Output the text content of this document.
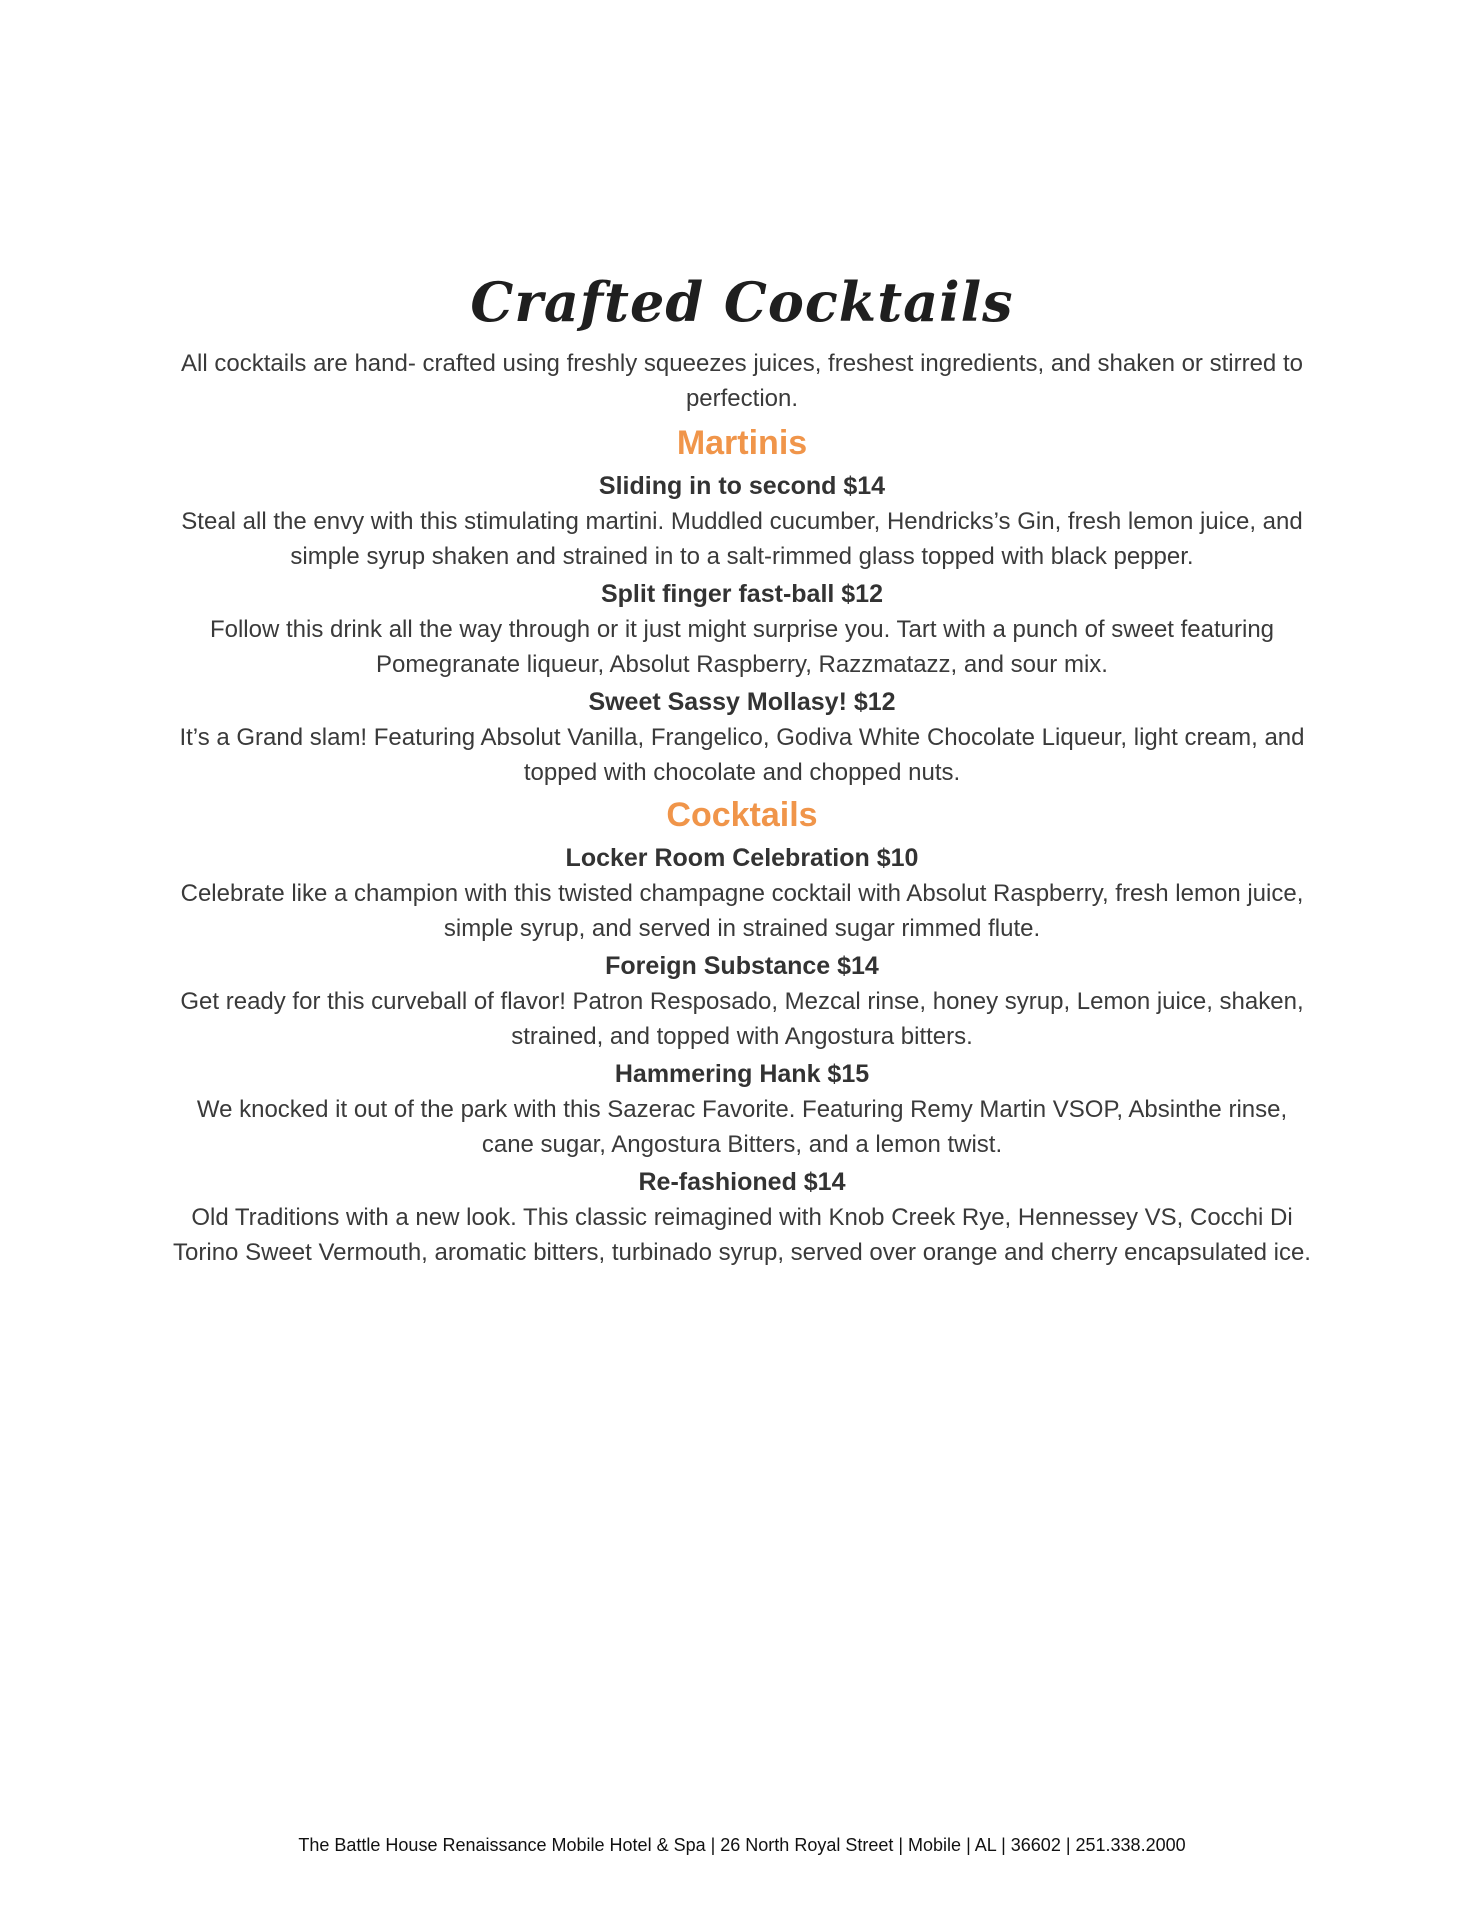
Crafted Cocktails

All cocktails are hand- crafted using freshly squeezes juices, freshest ingredients, and shaken or stirred to perfection.

Martinis

Sliding in to second $14

Steal all the envy with this stimulating martini. Muddled cucumber, Hendricks’s Gin, fresh lemon juice, and simple syrup shaken and strained in to a salt-rimmed glass topped with black pepper.

Split finger fast-ball $12

Follow this drink all the way through or it just might surprise you. Tart with a punch of sweet featuring Pomegranate liqueur, Absolut Raspberry, Razzmatazz, and sour mix.

Sweet Sassy Mollasy! $12

It’s a Grand slam! Featuring Absolut Vanilla, Frangelico, Godiva White Chocolate Liqueur, light cream, and topped with chocolate and chopped nuts.

Cocktails

Locker Room Celebration $10

Celebrate like a champion with this twisted champagne cocktail with Absolut Raspberry, fresh lemon juice, simple syrup, and served in strained sugar rimmed flute.

Foreign Substance $14

Get ready for this curveball of flavor! Patron Resposado, Mezcal rinse, honey syrup, Lemon juice, shaken, strained, and topped with Angostura bitters.

Hammering Hank $15

We knocked it out of the park with this Sazerac Favorite. Featuring Remy Martin VSOP, Absinthe rinse, cane sugar, Angostura Bitters, and a lemon twist.

Re-fashioned $14

Old Traditions with a new look. This classic reimagined with Knob Creek Rye, Hennessey VS, Cocchi Di Torino Sweet Vermouth, aromatic bitters, turbinado syrup, served over orange and cherry encapsulated ice.

The Battle House Renaissance Mobile Hotel & Spa | 26 North Royal Street | Mobile | AL | 36602 | 251.338.2000
